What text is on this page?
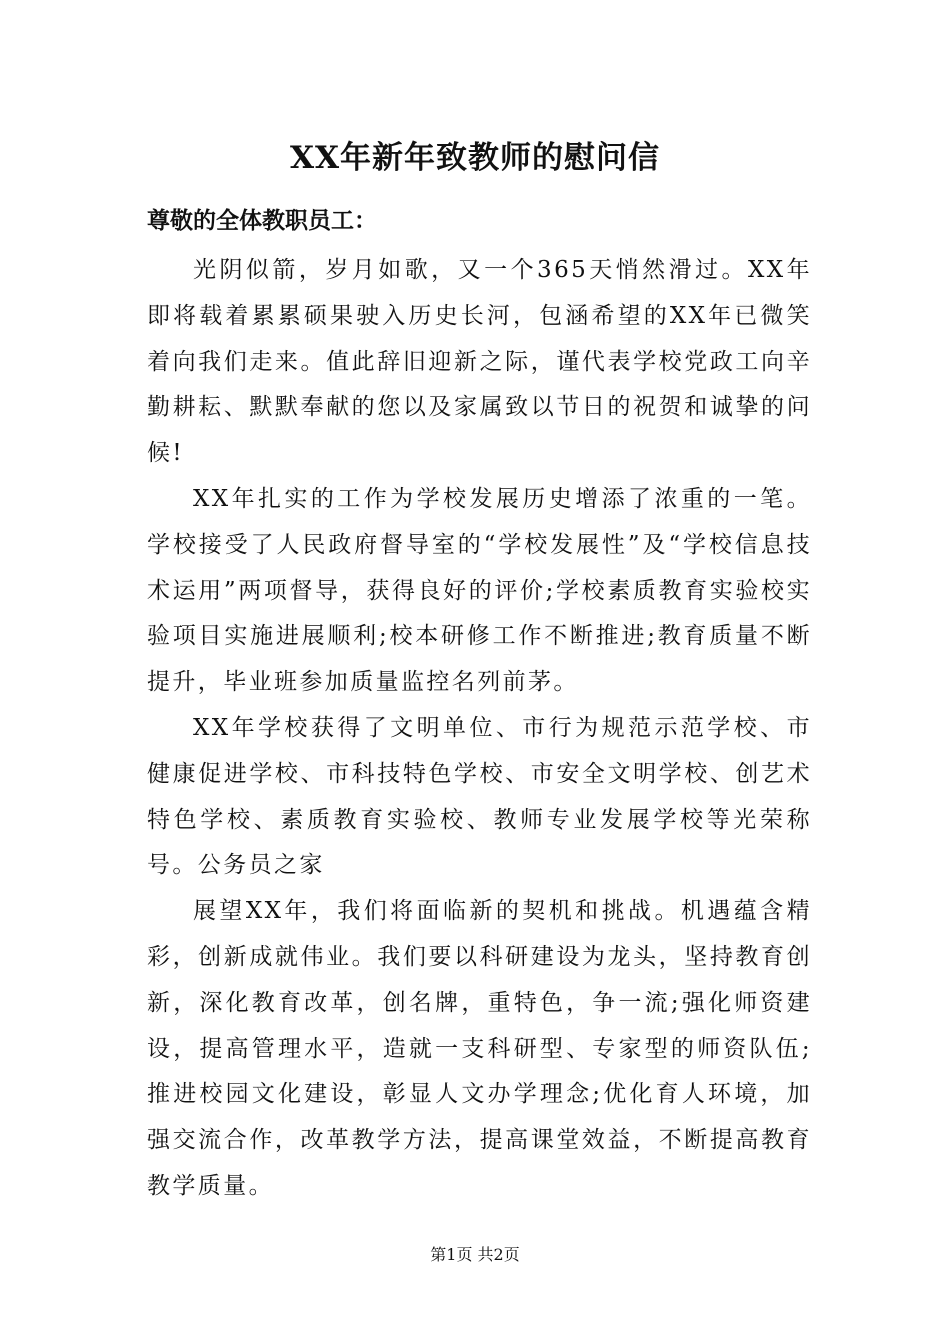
XX年新年致教师的慰问信
尊敬的全体教职员工：

光阴似箭，岁月如歌，又一个365天悄然滑过。XX年即将载着累累硕果驶入历史长河，包涵希望的XX年已微笑着向我们走来。值此辞旧迎新之际，谨代表学校党政工向辛勤耕耘、默默奉献的您以及家属致以节日的祝贺和诚挚的问候!

XX年扎实的工作为学校发展历史增添了浓重的一笔。学校接受了人民政府督导室的“学校发展性”及“学校信息技术运用”两项督导，获得良好的评价;学校素质教育实验校实验项目实施进展顺利;校本研修工作不断推进;教育质量不断提升，毕业班参加质量监控名列前茅。

XX年学校获得了文明单位、市行为规范示范学校、市健康促进学校、市科技特色学校、市安全文明学校、创艺术特色学校、素质教育实验校、教师专业发展学校等光荣称号。公务员之家

展望XX年，我们将面临新的契机和挑战。机遇蕴含精彩，创新成就伟业。我们要以科研建设为龙头，坚持教育创新，深化教育改革，创名牌，重特色，争一流;强化师资建设，提高管理水平，造就一支科研型、专家型的师资队伍;推进校园文化建设，彰显人文办学理念;优化育人环境，加强交流合作，改革教学方法，提高课堂效益，不断提高教育教学质量。

第1页 共2页
